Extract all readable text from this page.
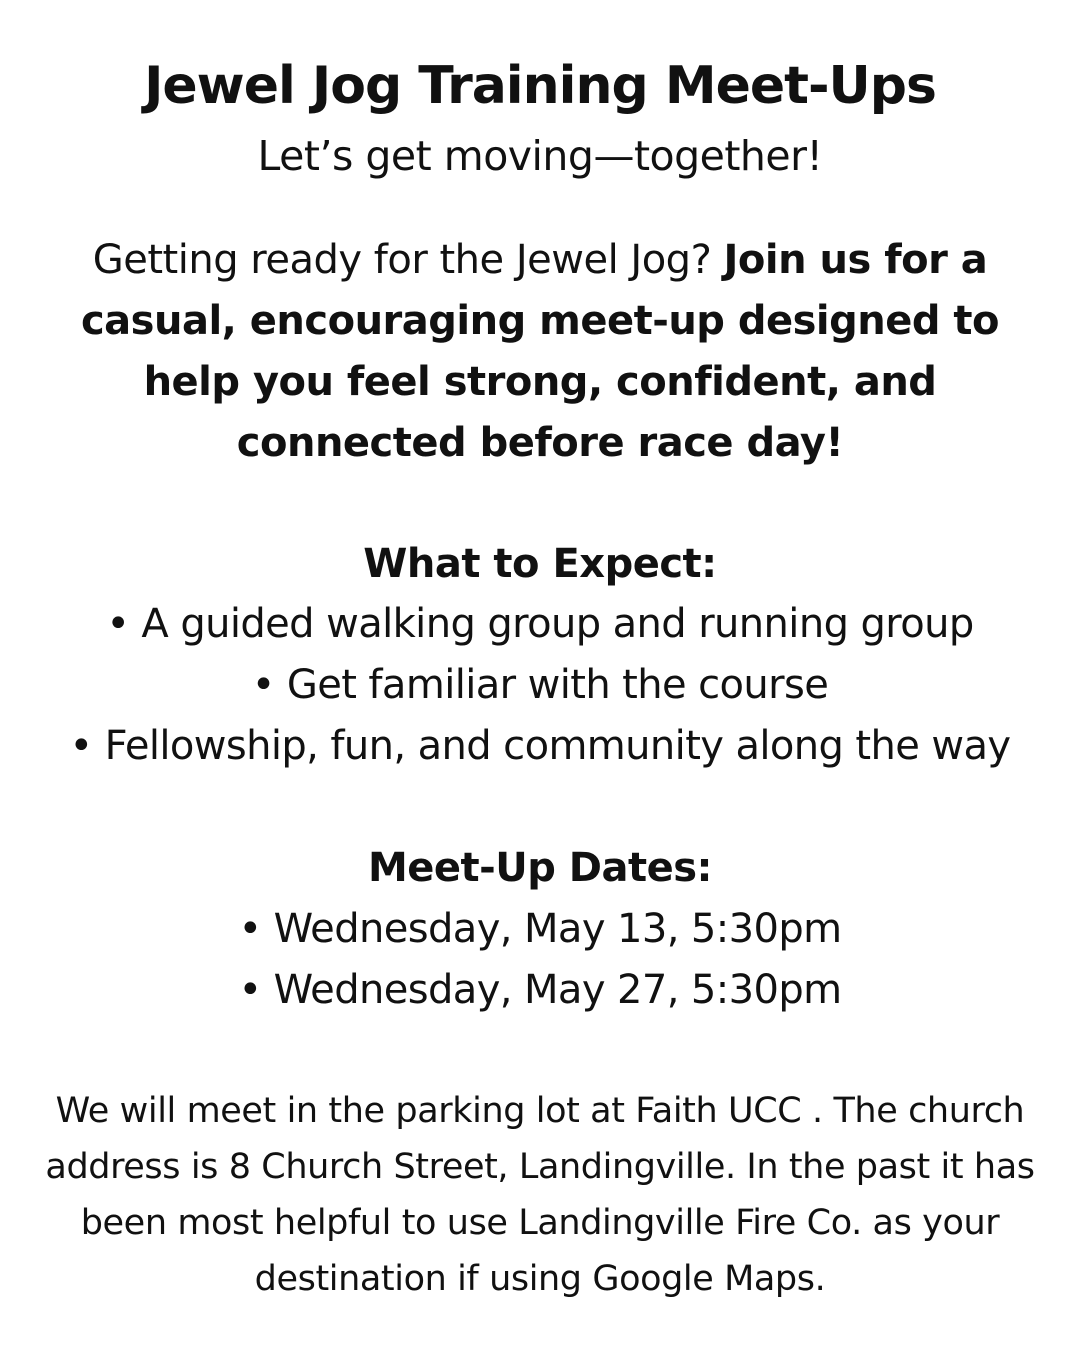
Jewel Jog Training Meet-Ups
Let’s get moving—together!
Getting ready for the Jewel Jog? Join us for a casual, encouraging meet-up designed to help you feel strong, confident, and connected before race day!
What to Expect:
• A guided walking group and running group
• Get familiar with the course
• Fellowship, fun, and community along the way
Meet-Up Dates:
• Wednesday, May 13, 5:30pm
• Wednesday, May 27, 5:30pm
We will meet in the parking lot at Faith UCC . The church address is 8 Church Street, Landingville. In the past it has been most helpful to use Landingville Fire Co. as your destination if using Google Maps.
